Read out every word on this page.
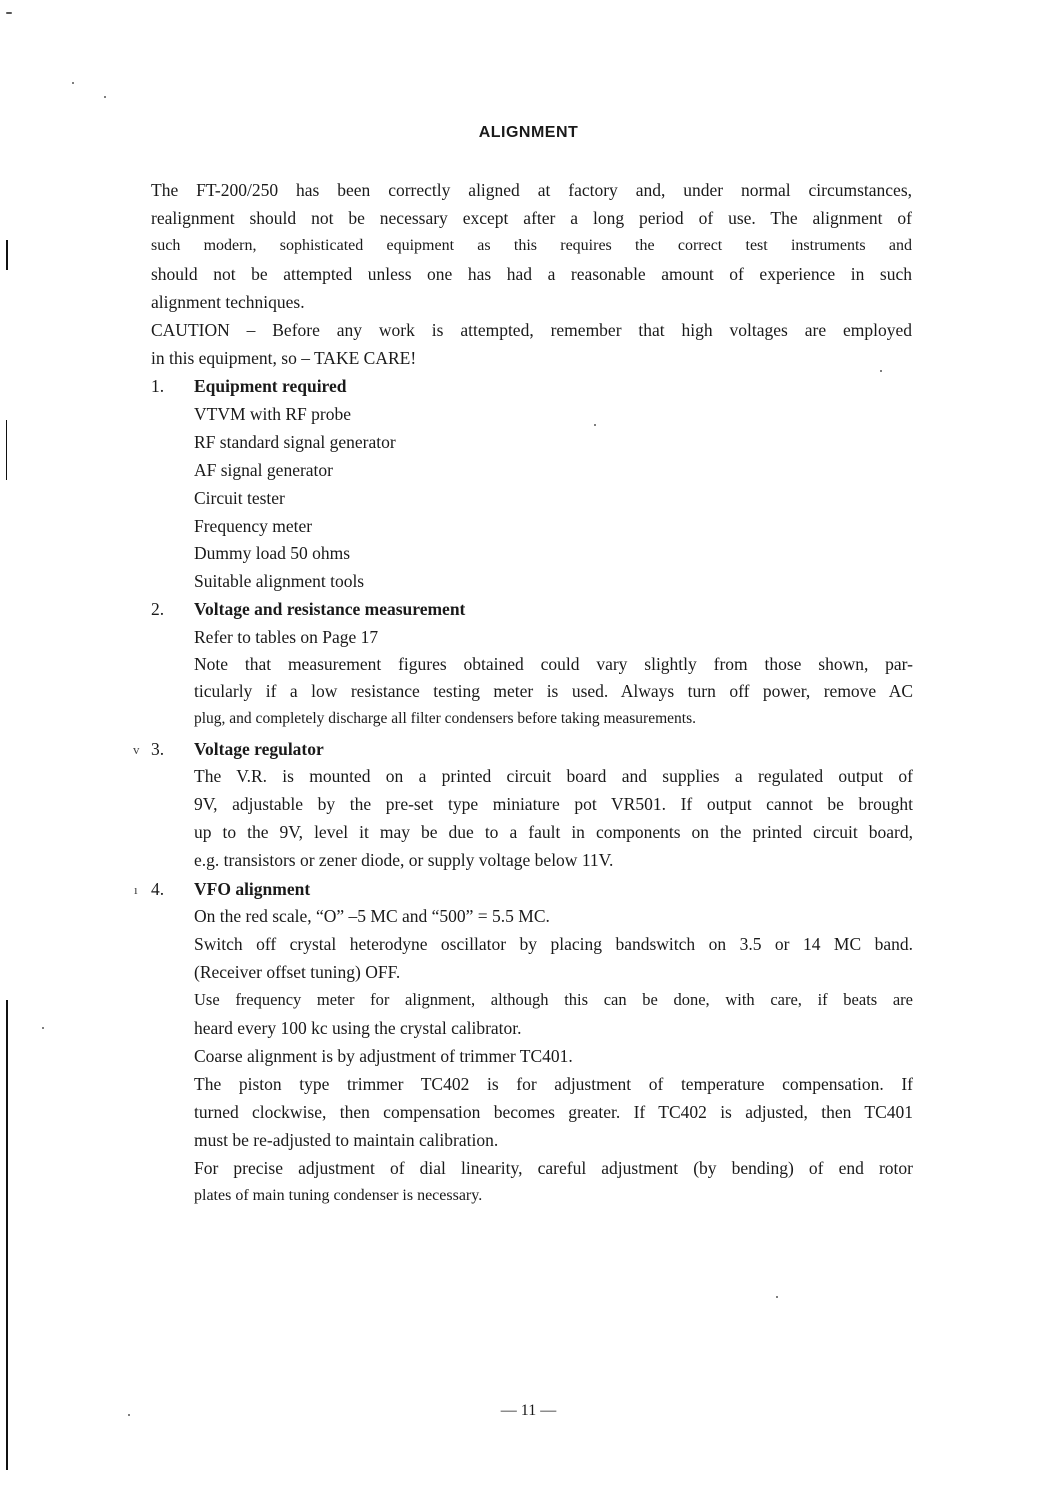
ALIGNMENT
The FT-200/250 has been correctly aligned at factory and, under normal circumstances,
realignment should not be necessary except after a long period of use. The alignment of
such modern, sophisticated equipment as this requires the correct test instruments and
should not be attempted unless one has had a reasonable amount of experience in such
alignment techniques.
CAUTION – Before any work is attempted, remember that high voltages are employed
in this equipment, so – TAKE CARE!
1. Equipment required
VTVM with RF probe
RF standard signal generator
AF signal generator
Circuit tester
Frequency meter
Dummy load 50 ohms
Suitable alignment tools
2. Voltage and resistance measurement
Refer to tables on Page 17
Note that measurement figures obtained could vary slightly from those shown, par-
ticularly if a low resistance testing meter is used. Always turn off power, remove AC
plug, and completely discharge all filter condensers before taking measurements.
v 3. Voltage regulator
The V.R. is mounted on a printed circuit board and supplies a regulated output of
9V, adjustable by the pre-set type miniature pot VR501. If output cannot be brought
up to the 9V, level it may be due to a fault in components on the printed circuit board,
e.g. transistors or zener diode, or supply voltage below 11V.
ı 4. VFO alignment
On the red scale, “O” –5 MC and “500” = 5.5 MC.
Switch off crystal heterodyne oscillator by placing bandswitch on 3.5 or 14 MC band.
(Receiver offset tuning) OFF.
Use frequency meter for alignment, although this can be done, with care, if beats are
heard every 100 kc using the crystal calibrator.
Coarse alignment is by adjustment of trimmer TC401.
The piston type trimmer TC402 is for adjustment of temperature compensation. If
turned clockwise, then compensation becomes greater. If TC402 is adjusted, then TC401
must be re-adjusted to maintain calibration.
For precise adjustment of dial linearity, careful adjustment (by bending) of end rotor
plates of main tuning condenser is necessary.
— 11 —
